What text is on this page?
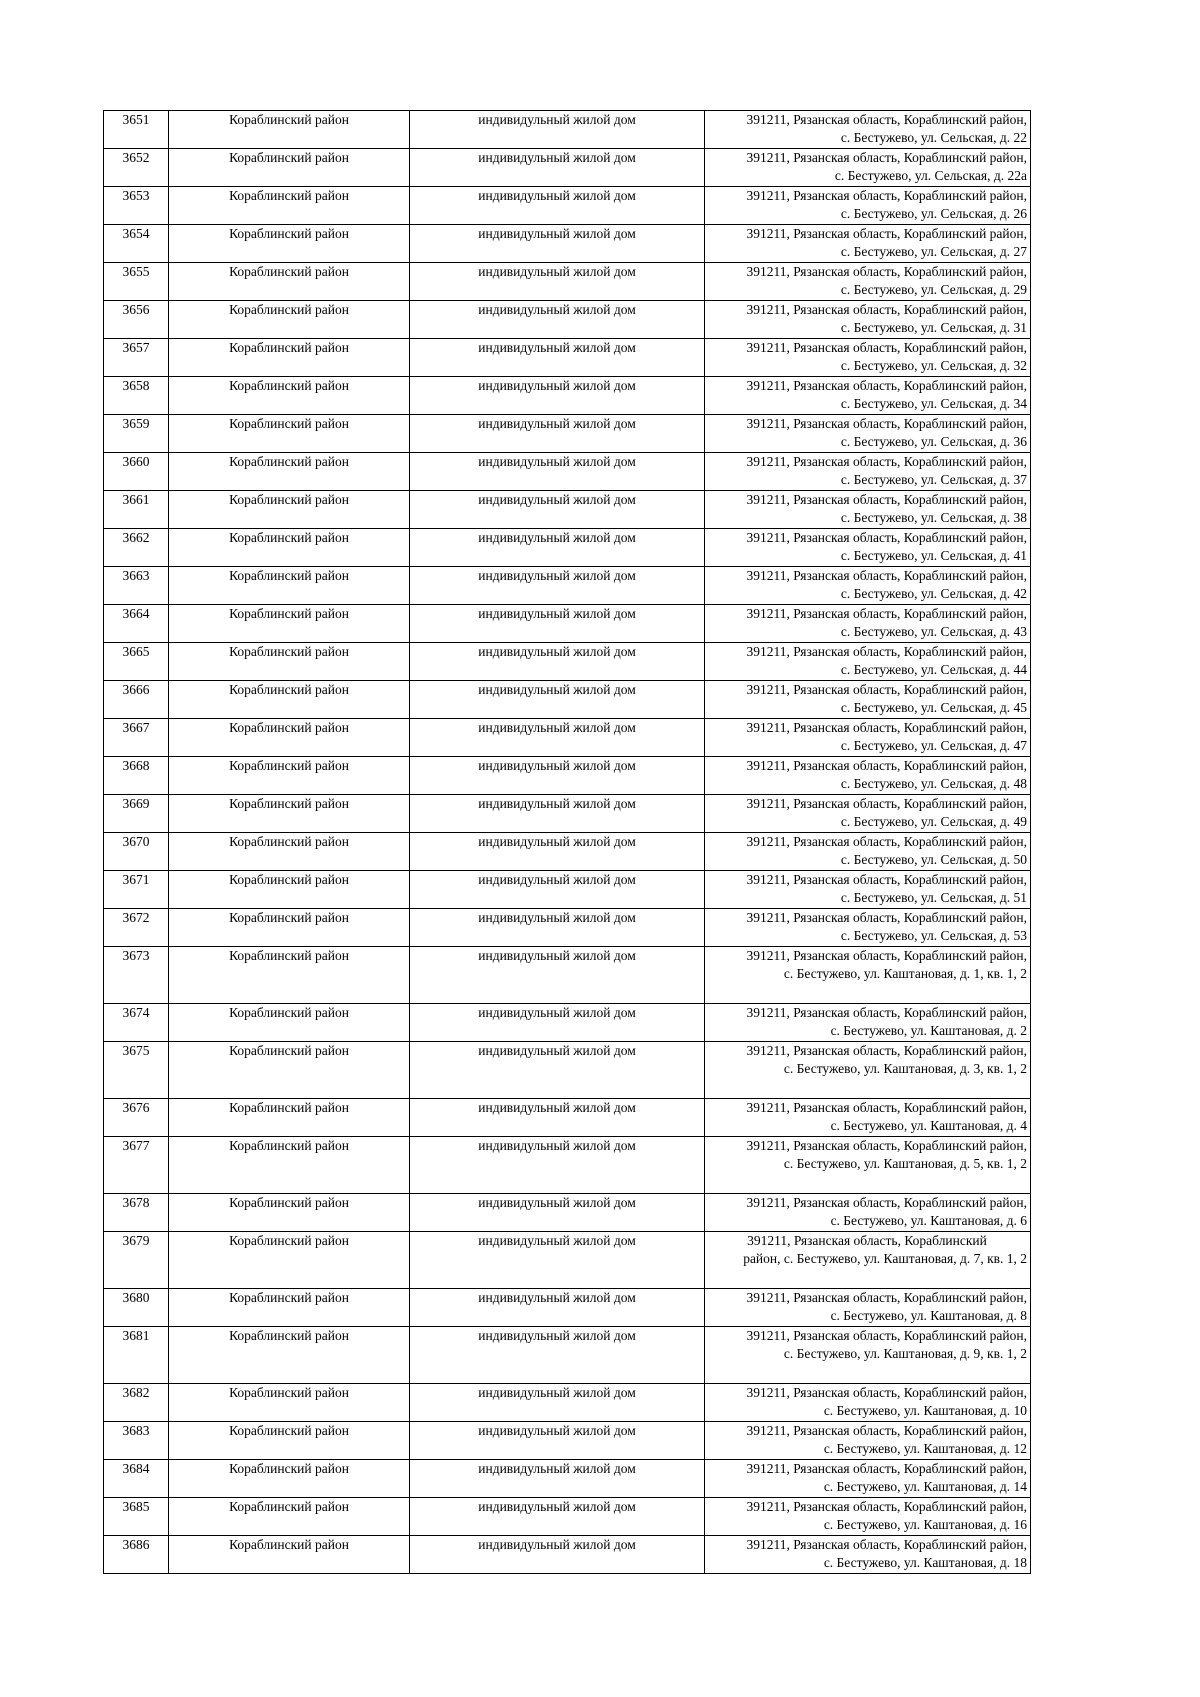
3651	Кораблинский район	индивидульный жилой дом	391211, Рязанская область, Кораблинский район,
с. Бестужево, ул. Сельская, д. 22

3652	Кораблинский район	индивидульный жилой дом	391211, Рязанская область, Кораблинский район,
с. Бестужево, ул. Сельская, д. 22а

3653	Кораблинский район	индивидульный жилой дом	391211, Рязанская область, Кораблинский район,
с. Бестужево, ул. Сельская, д. 26

3654	Кораблинский район	индивидульный жилой дом	391211, Рязанская область, Кораблинский район,
с. Бестужево, ул. Сельская, д. 27

3655	Кораблинский район	индивидульный жилой дом	391211, Рязанская область, Кораблинский район,
с. Бестужево, ул. Сельская, д. 29

3656	Кораблинский район	индивидульный жилой дом	391211, Рязанская область, Кораблинский район,
с. Бестужево, ул. Сельская, д. 31

3657	Кораблинский район	индивидульный жилой дом	391211, Рязанская область, Кораблинский район,
с. Бестужево, ул. Сельская, д. 32

3658	Кораблинский район	индивидульный жилой дом	391211, Рязанская область, Кораблинский район,
с. Бестужево, ул. Сельская, д. 34

3659	Кораблинский район	индивидульный жилой дом	391211, Рязанская область, Кораблинский район,
с. Бестужево, ул. Сельская, д. 36

3660	Кораблинский район	индивидульный жилой дом	391211, Рязанская область, Кораблинский район,
с. Бестужево, ул. Сельская, д. 37

3661	Кораблинский район	индивидульный жилой дом	391211, Рязанская область, Кораблинский район,
с. Бестужево, ул. Сельская, д. 38

3662	Кораблинский район	индивидульный жилой дом	391211, Рязанская область, Кораблинский район,
с. Бестужево, ул. Сельская, д. 41

3663	Кораблинский район	индивидульный жилой дом	391211, Рязанская область, Кораблинский район,
с. Бестужево, ул. Сельская, д. 42

3664	Кораблинский район	индивидульный жилой дом	391211, Рязанская область, Кораблинский район,
с. Бестужево, ул. Сельская, д. 43

3665	Кораблинский район	индивидульный жилой дом	391211, Рязанская область, Кораблинский район,
с. Бестужево, ул. Сельская, д. 44

3666	Кораблинский район	индивидульный жилой дом	391211, Рязанская область, Кораблинский район,
с. Бестужево, ул. Сельская, д. 45

3667	Кораблинский район	индивидульный жилой дом	391211, Рязанская область, Кораблинский район,
с. Бестужево, ул. Сельская, д. 47

3668	Кораблинский район	индивидульный жилой дом	391211, Рязанская область, Кораблинский район,
с. Бестужево, ул. Сельская, д. 48

3669	Кораблинский район	индивидульный жилой дом	391211, Рязанская область, Кораблинский район,
с. Бестужево, ул. Сельская, д. 49

3670	Кораблинский район	индивидульный жилой дом	391211, Рязанская область, Кораблинский район,
с. Бестужево, ул. Сельская, д. 50

3671	Кораблинский район	индивидульный жилой дом	391211, Рязанская область, Кораблинский район,
с. Бестужево, ул. Сельская, д. 51

3672	Кораблинский район	индивидульный жилой дом	391211, Рязанская область, Кораблинский район,
с. Бестужево, ул. Сельская, д. 53

3673	Кораблинский район	индивидульный жилой дом	391211, Рязанская область, Кораблинский район,
с. Бестужево, ул. Каштановая, д. 1, кв. 1, 2

3674	Кораблинский район	индивидульный жилой дом	391211, Рязанская область, Кораблинский район,
с. Бестужево, ул. Каштановая, д. 2

3675	Кораблинский район	индивидульный жилой дом	391211, Рязанская область, Кораблинский район,
с. Бестужево, ул. Каштановая, д. 3, кв. 1, 2

3676	Кораблинский район	индивидульный жилой дом	391211, Рязанская область, Кораблинский район,
с. Бестужево, ул. Каштановая, д. 4

3677	Кораблинский район	индивидульный жилой дом	391211, Рязанская область, Кораблинский район,
с. Бестужево, ул. Каштановая, д. 5, кв. 1, 2

3678	Кораблинский район	индивидульный жилой дом	391211, Рязанская область, Кораблинский район,
с. Бестужево, ул. Каштановая, д. 6

3679	Кораблинский район	индивидульный жилой дом	391211, Рязанская область, Кораблинский
район, с. Бестужево, ул. Каштановая, д. 7, кв. 1, 2

3680	Кораблинский район	индивидульный жилой дом	391211, Рязанская область, Кораблинский район,
с. Бестужево, ул. Каштановая, д. 8

3681	Кораблинский район	индивидульный жилой дом	391211, Рязанская область, Кораблинский район,
с. Бестужево, ул. Каштановая, д. 9, кв. 1, 2

3682	Кораблинский район	индивидульный жилой дом	391211, Рязанская область, Кораблинский район,
с. Бестужево, ул. Каштановая, д. 10

3683	Кораблинский район	индивидульный жилой дом	391211, Рязанская область, Кораблинский район,
с. Бестужево, ул. Каштановая, д. 12

3684	Кораблинский район	индивидульный жилой дом	391211, Рязанская область, Кораблинский район,
с. Бестужево, ул. Каштановая, д. 14

3685	Кораблинский район	индивидульный жилой дом	391211, Рязанская область, Кораблинский район,
с. Бестужево, ул. Каштановая, д. 16

3686	Кораблинский район	индивидульный жилой дом	391211, Рязанская область, Кораблинский район,
с. Бестужево, ул. Каштановая, д. 18
